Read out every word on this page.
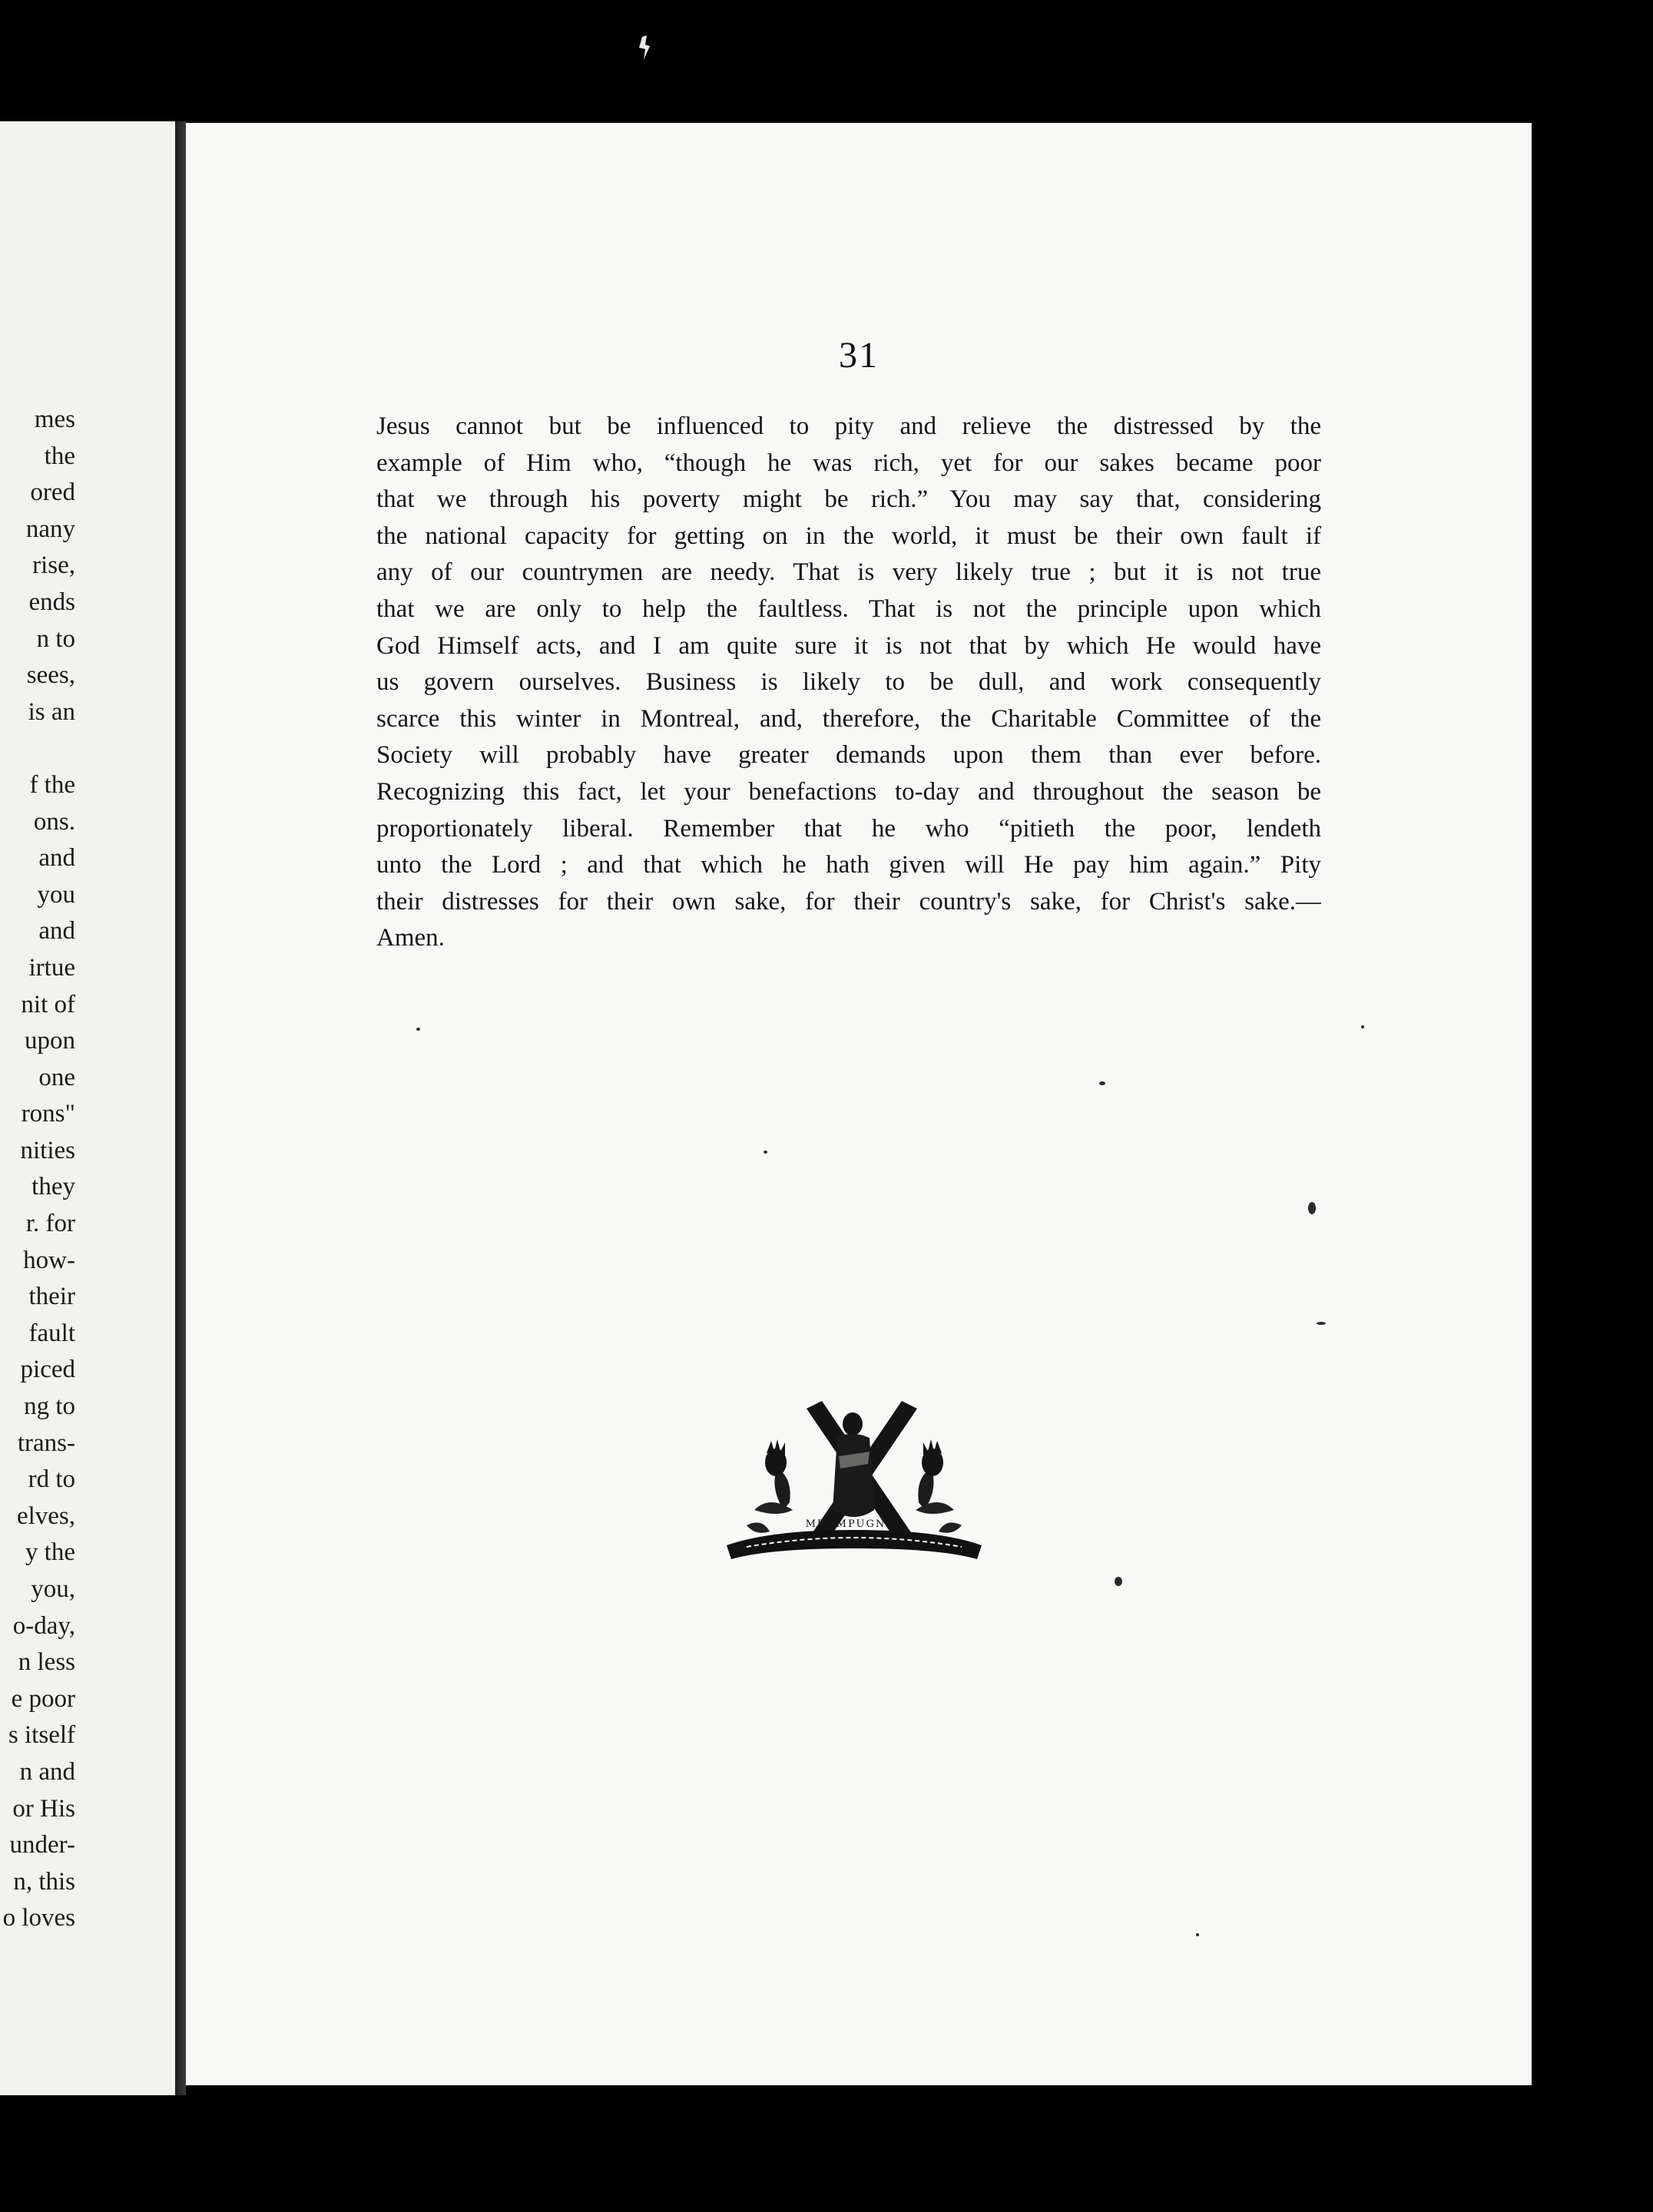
mes
the
ored
nany
rise,
ends
n to
sees,
is an
f the
ons.
and
you
and
irtue
nit of
upon
one
rons"
nities
they
r. for
how-
their
fault
piced
ng to
trans-
rd to
elves,
y the
you,
o-day,
n less
e poor
s itself
n and
or His
under-
n, this
o loves
31
Jesus cannot but be influenced to pity and relieve the distressed by the
example of Him who, “though he was rich, yet for our sakes became poor
that we through his poverty might be rich.” You may say that, considering
the national capacity for getting on in the world, it must be their own fault if
any of our countrymen are needy. That is very likely true ; but it is not true
that we are only to help the faultless. That is not the principle upon which
God Himself acts, and I am quite sure it is not that by which He would have
us govern ourselves. Business is likely to be dull, and work consequently
scarce this winter in Montreal, and, therefore, the Charitable Committee of the
Society will probably have greater demands upon them than ever before.
Recognizing this fact, let your benefactions to-day and throughout the season be
proportionately liberal. Remember that he who “pitieth the poor, lendeth
unto the Lord ; and that which he hath given will He pay him again.” Pity
their distresses for their own sake, for their country's sake, for Christ's sake.—
Amen.
ME IMPUGNET
